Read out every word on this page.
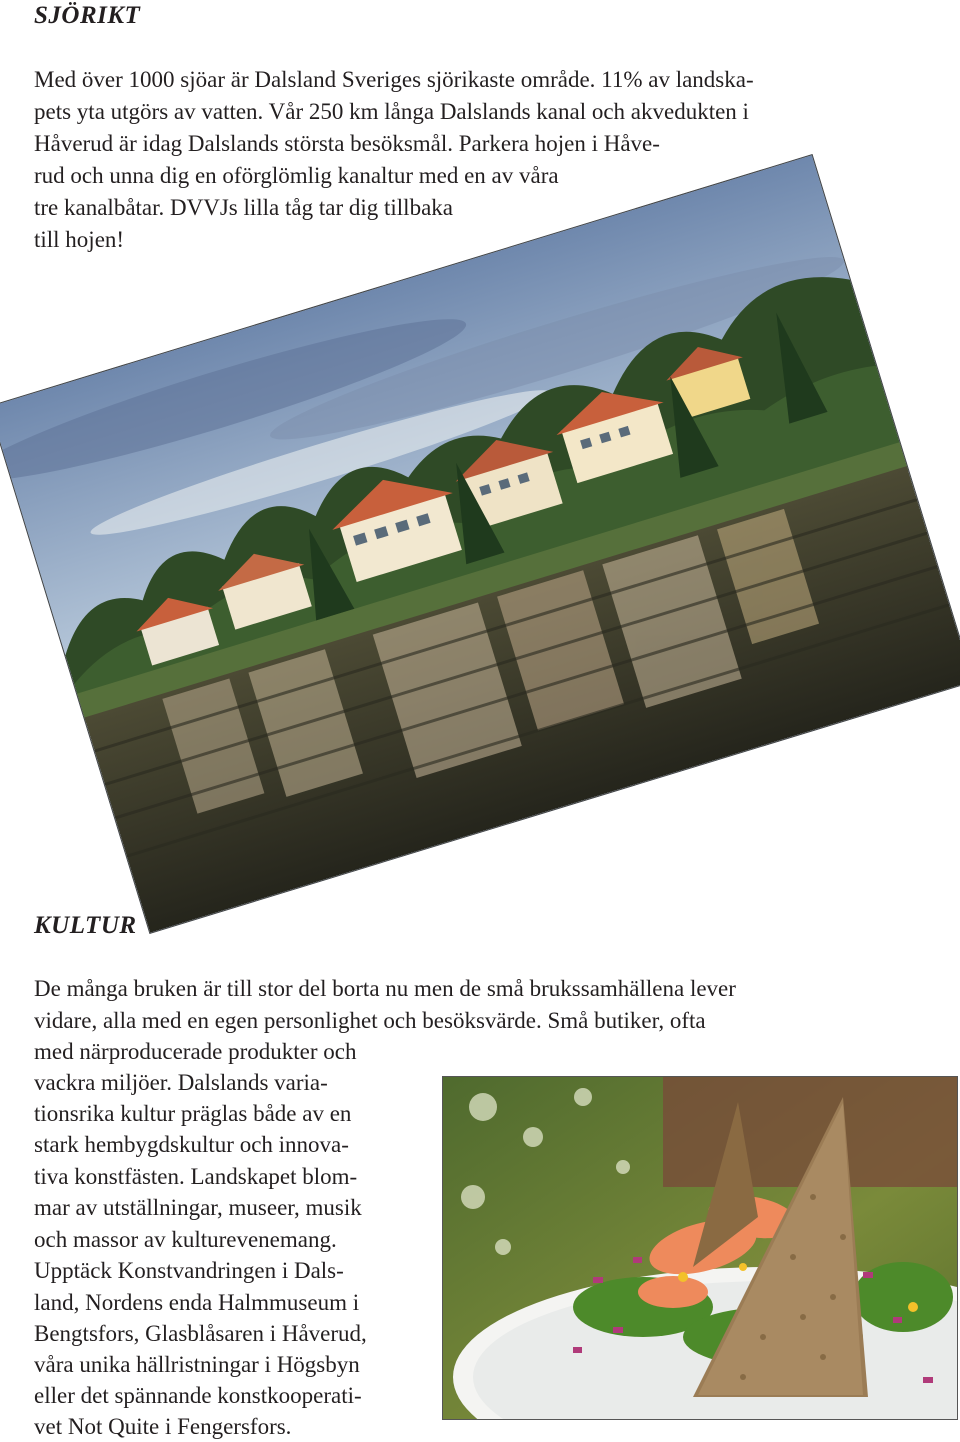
SJÖRIKT
Med över 1000 sjöar är Dalsland Sveriges sjörikaste område. 11% av landska-
pets yta utgörs av vatten. Vår 250 km långa Dalslands kanal och akvedukten i
Håverud är idag Dalslands största besöksmål. Parkera hojen i Håve-
rud och unna dig en oförglömlig kanaltur med en av våra
tre kanalbåtar. DVVJs lilla tåg tar dig tillbaka
till hojen!
KULTUR
De många bruken är till stor del borta nu men de små brukssamhällena lever
vidare, alla med en egen personlighet och besöksvärde. Små butiker, ofta
med närproducerade produkter och
vackra miljöer. Dalslands varia-
tionsrika kultur präglas både av en
stark hembygdskultur och innova-
tiva konstfästen. Landskapet blom-
mar av utställningar, museer, musik
och massor av kulturevenemang.
Upptäck Konstvandringen i Dals-
land, Nordens enda Halmmuseum i
Bengtsfors, Glasblåsaren i Håverud,
våra unika hällristningar i Högsbyn
eller det spännande konstkooperati-
vet Not Quite i Fengersfors.
